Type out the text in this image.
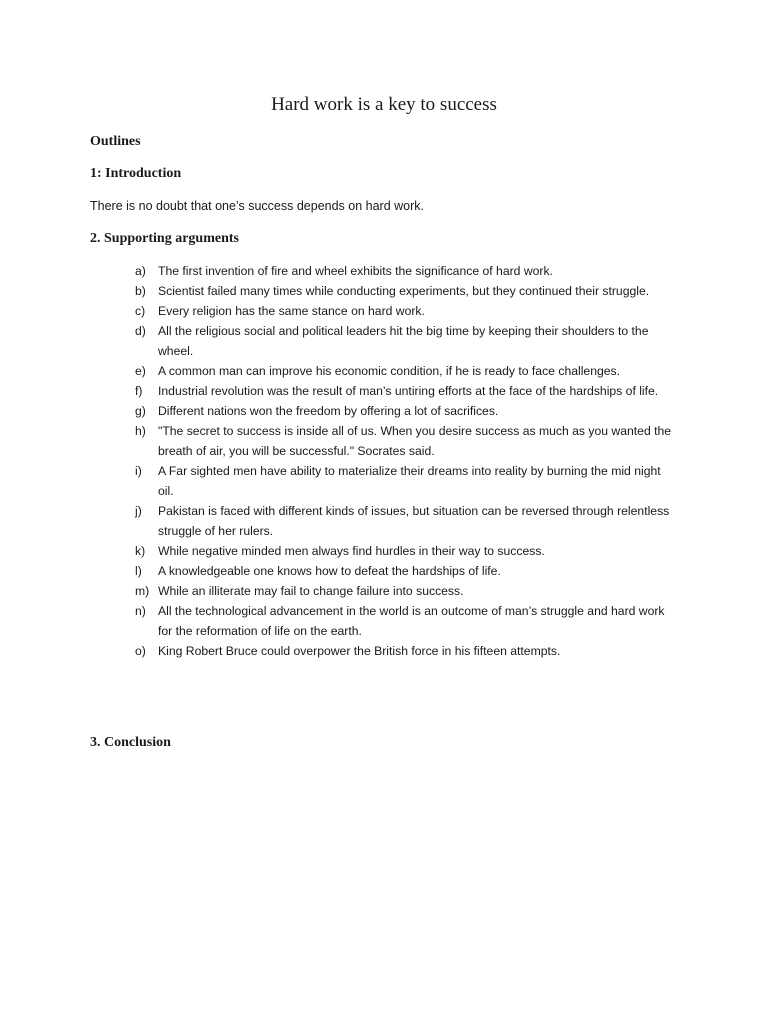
Hard work is a key to success
Outlines
1: Introduction
There is no doubt that one’s success depends on hard work.
2. Supporting arguments
a) The first invention of fire and wheel exhibits the significance of hard work.
b) Scientist failed many times while conducting experiments, but they continued their struggle.
c) Every religion has the same stance on hard work.
d) All the religious social and political leaders hit the big time by keeping their shoulders to the wheel.
e) A common man can improve his economic condition, if he is ready to face challenges.
f) Industrial revolution was the result of man’s untiring efforts at the face of the hardships of life.
g) Different nations won the freedom by offering a lot of sacrifices.
h) "The secret to success is inside all of us. When you desire success as much as you wanted the breath of air, you will be successful." Socrates said.
i) A Far sighted men have ability to materialize their dreams into reality by burning the mid night oil.
j) Pakistan is faced with different kinds of issues, but situation can be reversed through relentless struggle of her rulers.
k) While negative minded men always find hurdles in their way to success.
l) A knowledgeable one knows how to defeat the hardships of life.
m) While an illiterate may fail to change failure into success.
n) All the technological advancement in the world is an outcome of man’s struggle and hard work for the reformation of life on the earth.
o) King Robert Bruce could overpower the British force in his fifteen attempts.
3. Conclusion
